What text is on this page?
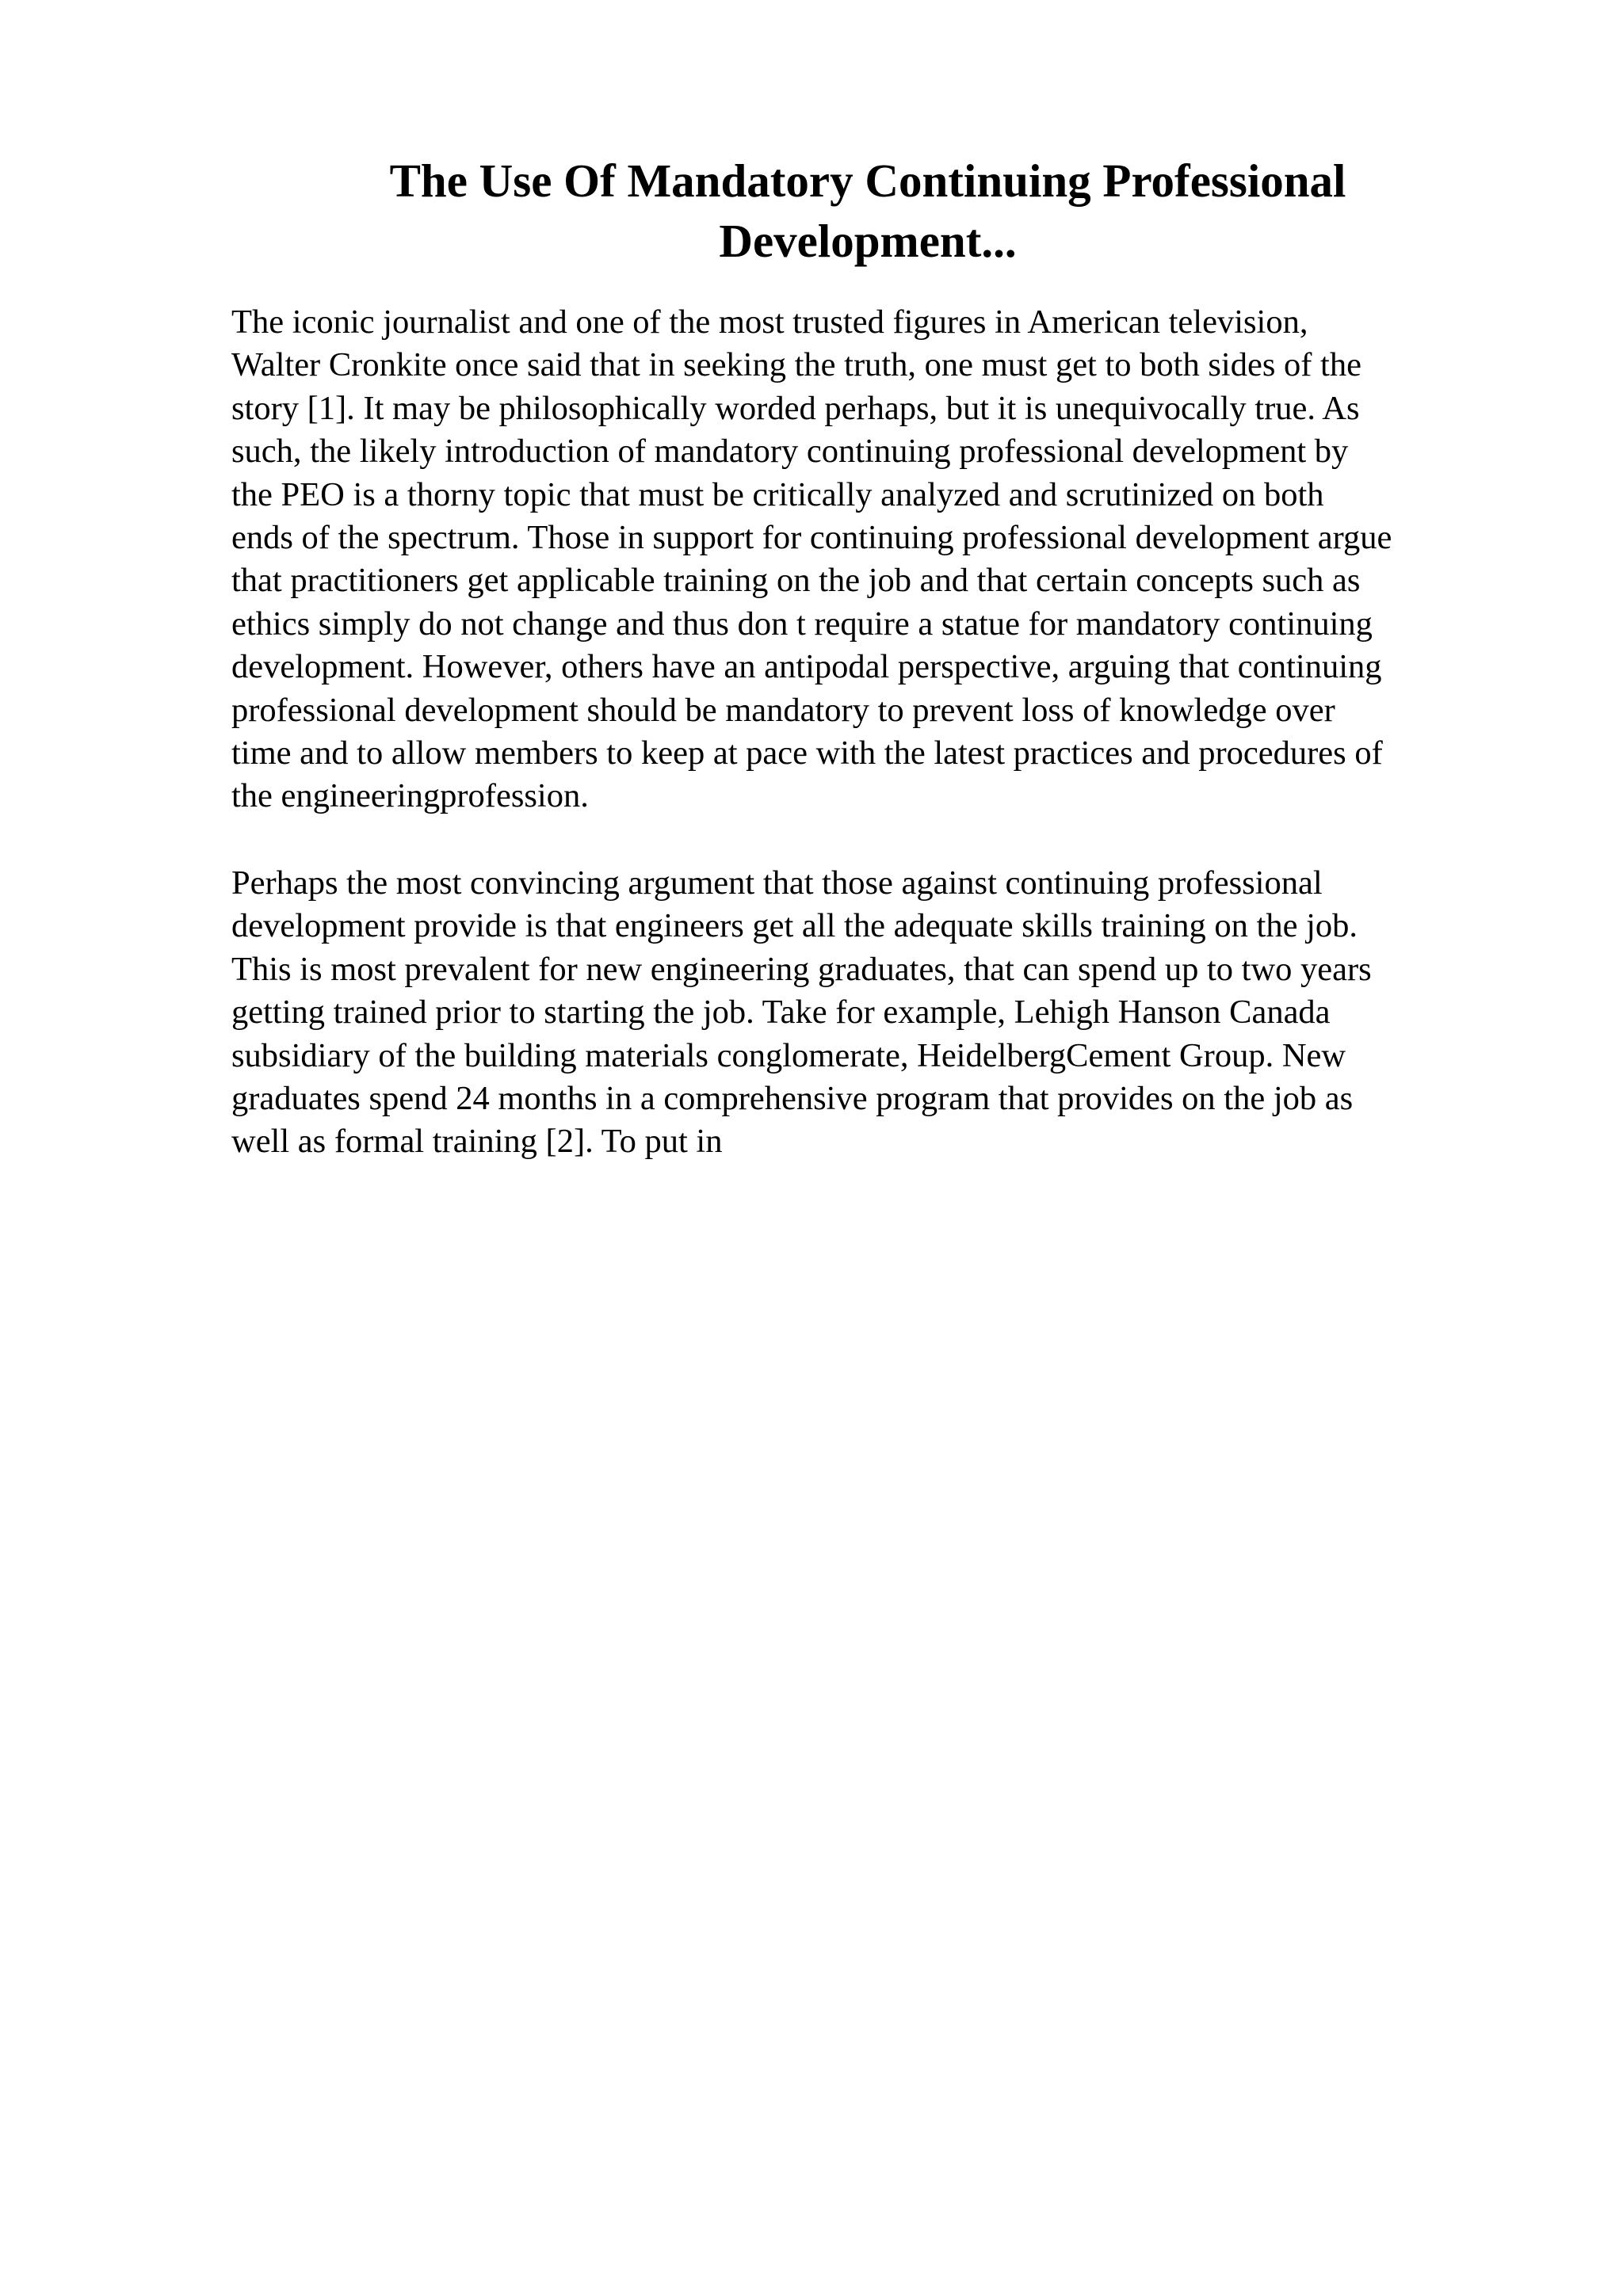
The Use Of Mandatory Continuing Professional Development...

The iconic journalist and one of the most trusted figures in American television,
Walter Cronkite once said that in seeking the truth, one must get to both sides of the
story [1]. It may be philosophically worded perhaps, but it is unequivocally true. As
such, the likely introduction of mandatory continuing professional development by
the PEO is a thorny topic that must be critically analyzed and scrutinized on both
ends of the spectrum. Those in support for continuing professional development argue
that practitioners get applicable training on the job and that certain concepts such as
ethics simply do not change and thus don t require a statue for mandatory continuing
development. However, others have an antipodal perspective, arguing that continuing
professional development should be mandatory to prevent loss of knowledge over
time and to allow members to keep at pace with the latest practices and procedures of
the engineeringprofession.

Perhaps the most convincing argument that those against continuing professional
development provide is that engineers get all the adequate skills training on the job.
This is most prevalent for new engineering graduates, that can spend up to two years
getting trained prior to starting the job. Take for example, Lehigh Hanson Canada
subsidiary of the building materials conglomerate, HeidelbergCement Group. New
graduates spend 24 months in a comprehensive program that provides on the job as
well as formal training [2]. To put in
